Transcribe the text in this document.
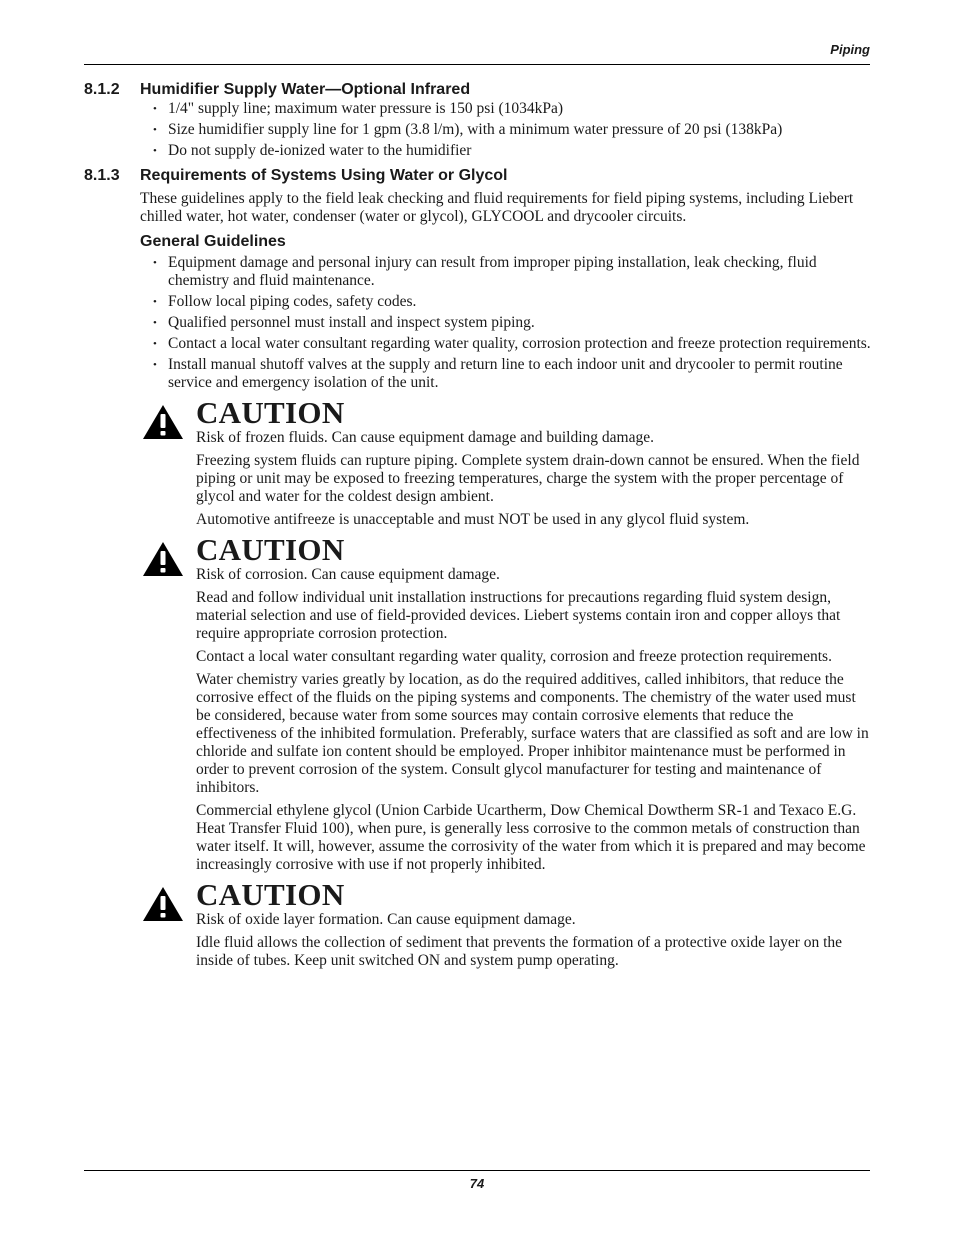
Piping
8.1.2 Humidifier Supply Water—Optional Infrared
• 1/4" supply line; maximum water pressure is 150 psi (1034kPa)
• Size humidifier supply line for 1 gpm (3.8 l/m), with a minimum water pressure of 20 psi (138kPa)
• Do not supply de-ionized water to the humidifier
8.1.3 Requirements of Systems Using Water or Glycol

These guidelines apply to the field leak checking and fluid requirements for field piping systems, including Liebert chilled water, hot water, condenser (water or glycol), GLYCOOL and drycooler circuits.

General Guidelines
• Equipment damage and personal injury can result from improper piping installation, leak checking, fluid chemistry and fluid maintenance.
• Follow local piping codes, safety codes.
• Qualified personnel must install and inspect system piping.
• Contact a local water consultant regarding water quality, corrosion protection and freeze protection requirements.
• Install manual shutoff valves at the supply and return line to each indoor unit and drycooler to permit routine service and emergency isolation of the unit.
CAUTION

Risk of frozen fluids. Can cause equipment damage and building damage.

Freezing system fluids can rupture piping. Complete system drain-down cannot be ensured. When the field piping or unit may be exposed to freezing temperatures, charge the system with the proper percentage of glycol and water for the coldest design ambient.

Automotive antifreeze is unacceptable and must NOT be used in any glycol fluid system.

CAUTION

Risk of corrosion. Can cause equipment damage.

Read and follow individual unit installation instructions for precautions regarding fluid system design, material selection and use of field-provided devices. Liebert systems contain iron and copper alloys that require appropriate corrosion protection.

Contact a local water consultant regarding water quality, corrosion and freeze protection requirements.

Water chemistry varies greatly by location, as do the required additives, called inhibitors, that reduce the corrosive effect of the fluids on the piping systems and components. The chemistry of the water used must be considered, because water from some sources may contain corrosive elements that reduce the effectiveness of the inhibited formulation. Preferably, surface waters that are classified as soft and are low in chloride and sulfate ion content should be employed. Proper inhibitor maintenance must be performed in order to prevent corrosion of the system. Consult glycol manufacturer for testing and maintenance of inhibitors.

Commercial ethylene glycol (Union Carbide Ucartherm, Dow Chemical Dowtherm SR-1 and Texaco E.G. Heat Transfer Fluid 100), when pure, is generally less corrosive to the common metals of construction than water itself. It will, however, assume the corrosivity of the water from which it is prepared and may become increasingly corrosive with use if not properly inhibited.

CAUTION

Risk of oxide layer formation. Can cause equipment damage.

Idle fluid allows the collection of sediment that prevents the formation of a protective oxide layer on the inside of tubes. Keep unit switched ON and system pump operating.

74
